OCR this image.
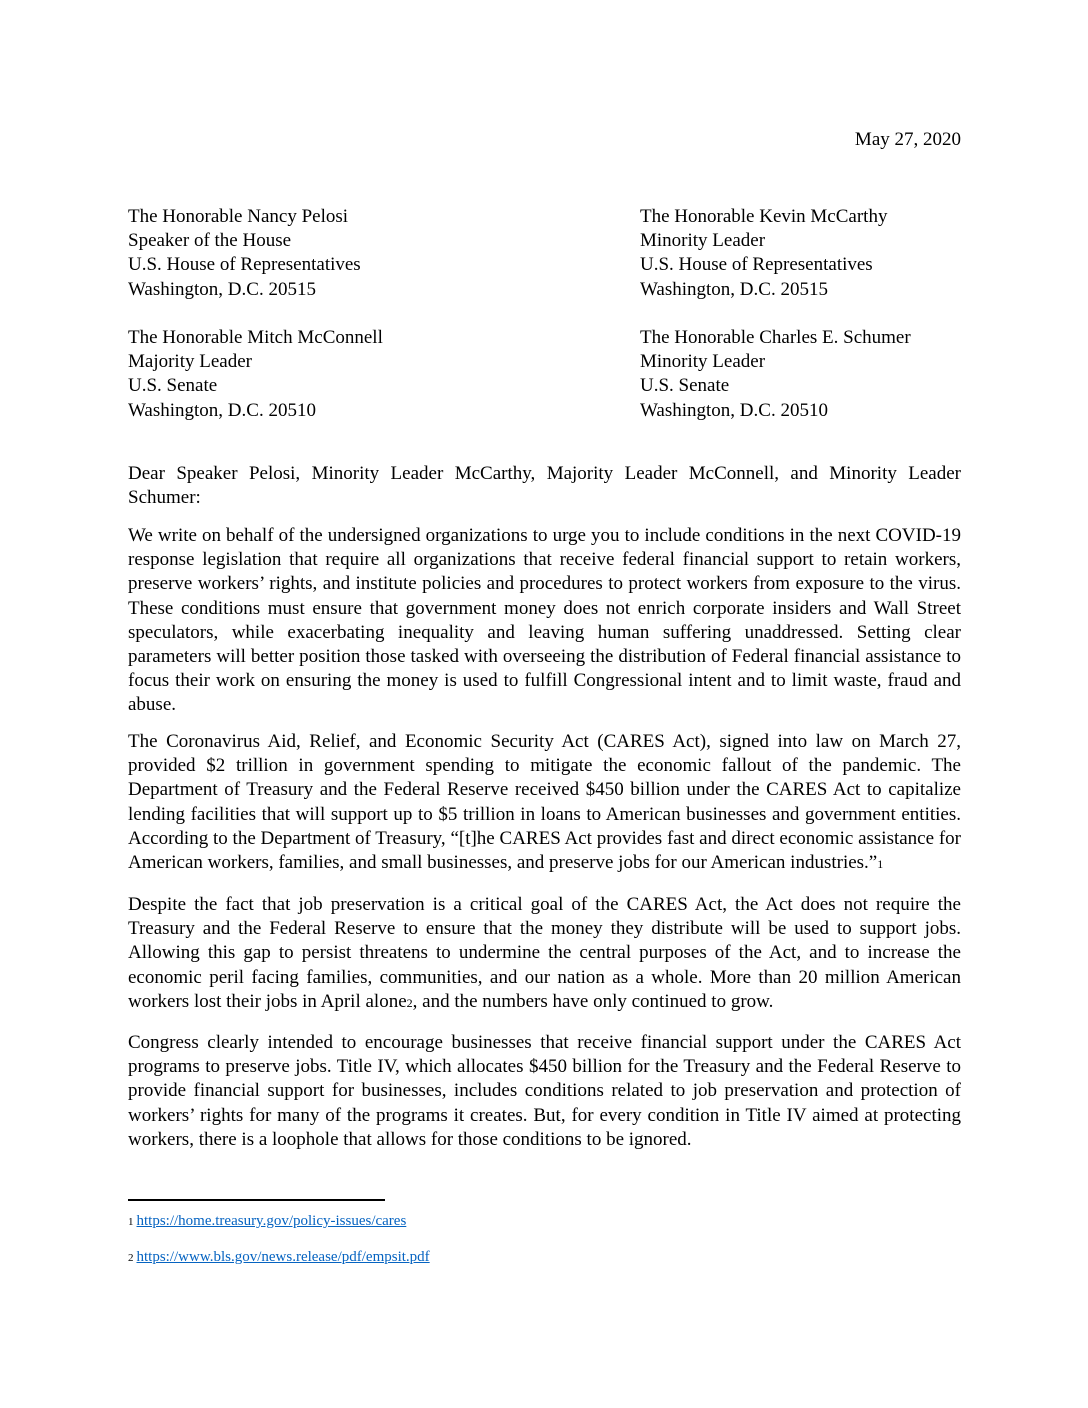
May 27, 2020
The Honorable Nancy Pelosi
Speaker of the House
U.S. House of Representatives
Washington, D.C. 20515
The Honorable Kevin McCarthy
Minority Leader
U.S. House of Representatives
Washington, D.C. 20515
The Honorable Mitch McConnell
Majority Leader
U.S. Senate
Washington, D.C. 20510
The Honorable Charles E. Schumer
Minority Leader
U.S. Senate
Washington, D.C. 20510

Dear Speaker Pelosi, Minority Leader McCarthy, Majority Leader McConnell, and Minority Leader Schumer:

We write on behalf of the undersigned organizations to urge you to include conditions in the next COVID-19 response legislation that require all organizations that receive federal financial support to retain workers, preserve workers’ rights, and institute policies and procedures to protect workers from exposure to the virus. These conditions must ensure that government money does not enrich corporate insiders and Wall Street speculators, while exacerbating inequality and leaving human suffering unaddressed. Setting clear parameters will better position those tasked with overseeing the distribution of Federal financial assistance to focus their work on ensuring the money is used to fulfill Congressional intent and to limit waste, fraud and abuse.

The Coronavirus Aid, Relief, and Economic Security Act (CARES Act), signed into law on March 27, provided $2 trillion in government spending to mitigate the economic fallout of the pandemic. The Department of Treasury and the Federal Reserve received $450 billion under the CARES Act to capitalize lending facilities that will support up to $5 trillion in loans to American businesses and government entities. According to the Department of Treasury, “[t]he CARES Act provides fast and direct economic assistance for American workers, families, and small businesses, and preserve jobs for our American industries.”1

Despite the fact that job preservation is a critical goal of the CARES Act, the Act does not require the Treasury and the Federal Reserve to ensure that the money they distribute will be used to support jobs. Allowing this gap to persist threatens to undermine the central purposes of the Act, and to increase the economic peril facing families, communities, and our nation as a whole. More than 20 million American workers lost their jobs in April alone2, and the numbers have only continued to grow.

Congress clearly intended to encourage businesses that receive financial support under the CARES Act programs to preserve jobs. Title IV, which allocates $450 billion for the Treasury and the Federal Reserve to provide financial support for businesses, includes conditions related to job preservation and protection of workers’ rights for many of the programs it creates. But, for every condition in Title IV aimed at protecting workers, there is a loophole that allows for those conditions to be ignored.

1 https://home.treasury.gov/policy-issues/cares
2 https://www.bls.gov/news.release/pdf/empsit.pdf
